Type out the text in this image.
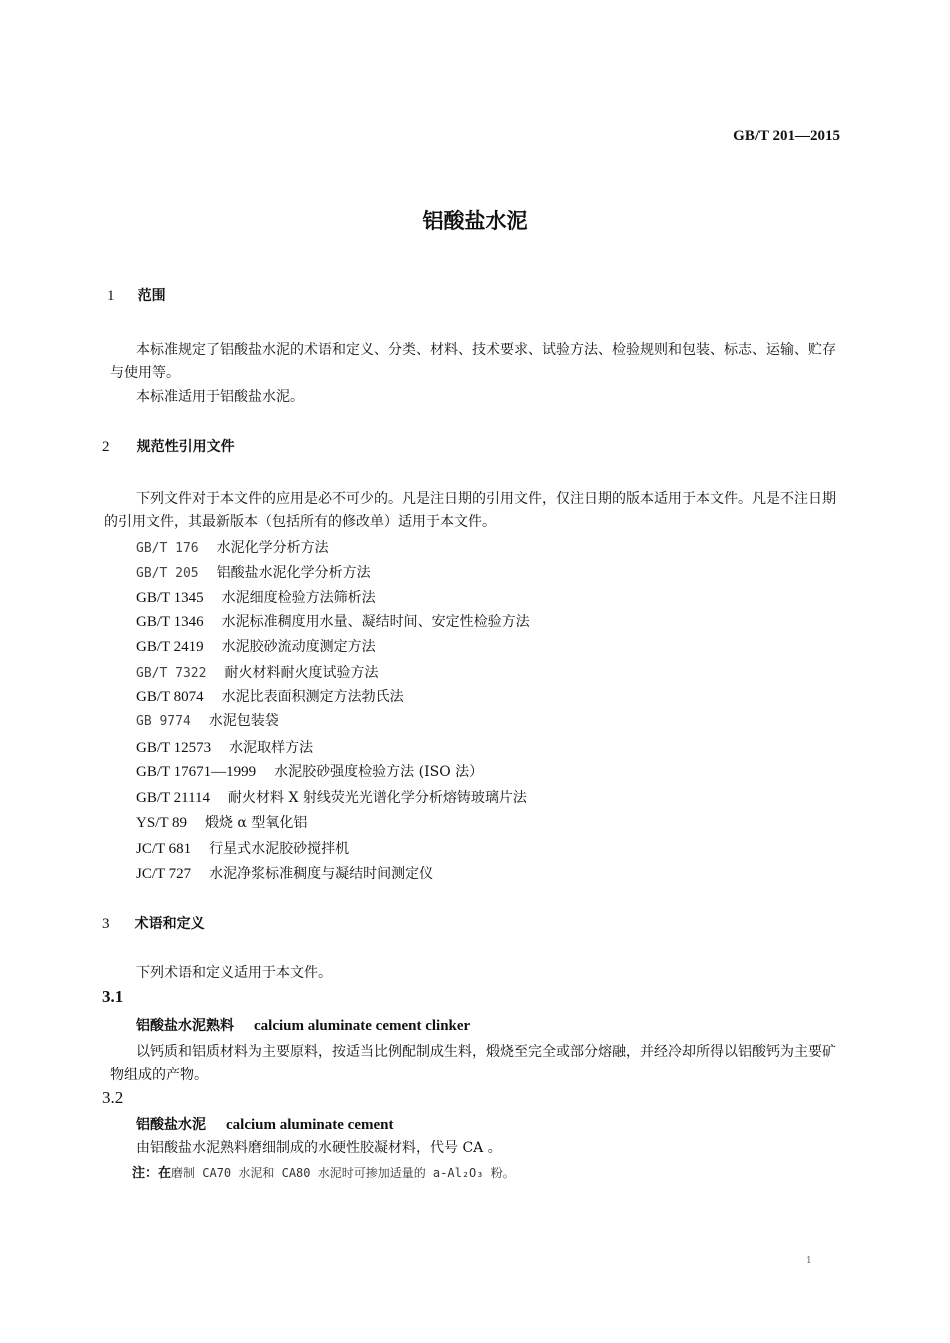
GB/T 201—2015
铝酸盐水泥
1 范围
本标准规定了铝酸盐水泥的术语和定义、分类、材料、技术要求、试验方法、检验规则和包装、标志、运输、贮存与使用等。
本标准适用于铝酸盐水泥。
2 规范性引用文件
下列文件对于本文件的应用是必不可少的。凡是注日期的引用文件，仅注日期的版本适用于本文件。凡是不注日期的引用文件，其最新版本（包括所有的修改单）适用于本文件。
GB/T 176 水泥化学分析方法
GB/T 205 铝酸盐水泥化学分析方法
GB/T 1345 水泥细度检验方法筛析法
GB/T 1346 水泥标准稠度用水量、凝结时间、安定性检验方法
GB/T 2419 水泥胶砂流动度测定方法
GB/T 7322 耐火材料耐火度试验方法
GB/T 8074 水泥比表面积测定方法勃氏法
GB 9774 水泥包装袋
GB/T 12573 水泥取样方法
GB/T 17671—1999 水泥胶砂强度检验方法 (ISO 法）
GB/T 21114 耐火材料 X 射线荧光光谱化学分析熔铸玻璃片法
YS/T 89 煅烧 α 型氧化铝
JC/T 681 行星式水泥胶砂搅拌机
JC/T 727 水泥净浆标准稠度与凝结时间测定仪
3 术语和定义
下列术语和定义适用于本文件。
3.1
铝酸盐水泥熟料 calcium aluminate cement clinker
以钙质和铝质材料为主要原料，按适当比例配制成生料，煅烧至完全或部分熔融，并经冷却所得以铝酸钙为主要矿物组成的产物。
3.2
铝酸盐水泥 calcium aluminate cement
由铝酸盐水泥熟料磨细制成的水硬性胶凝材料，代号 CA 。
注：在磨制 CA70 水泥和 CA80 水泥时可掺加适量的 a-Al₂O₃ 粉。
1
